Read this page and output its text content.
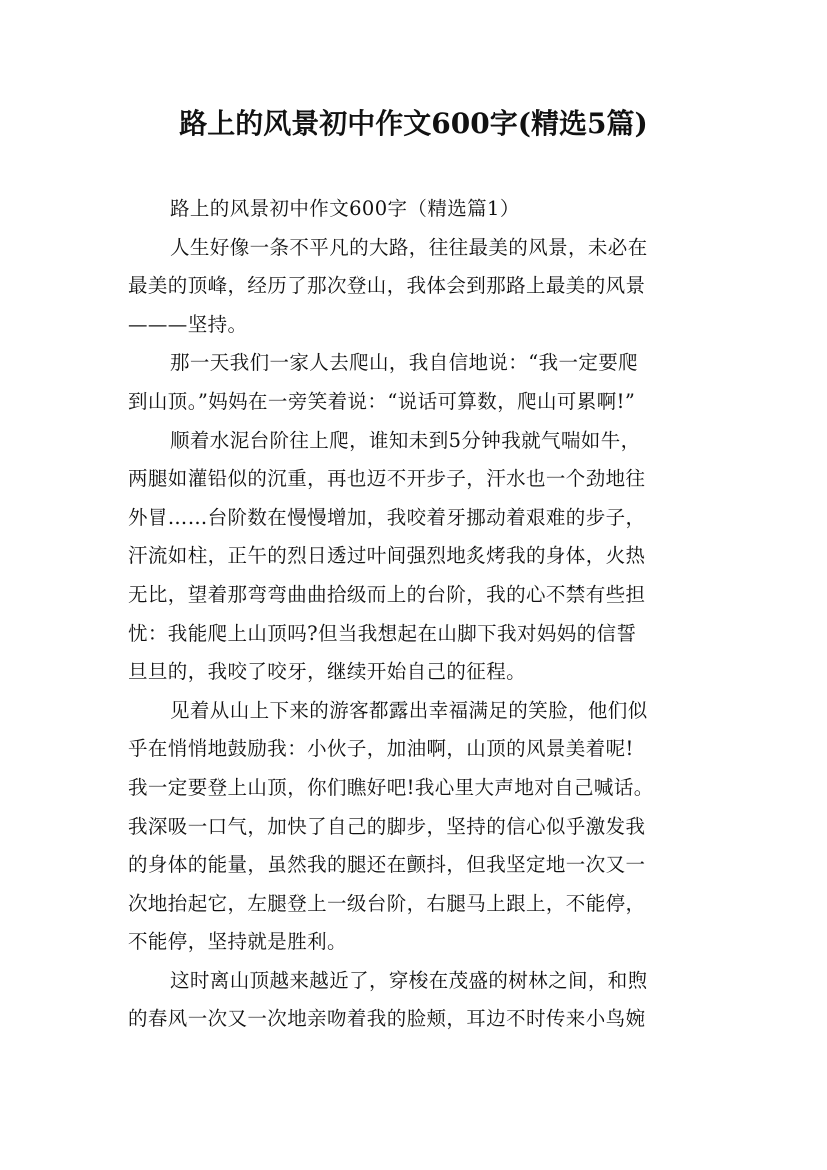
路上的风景初中作文600字(精选5篇)
路上的风景初中作文600字（精选篇1）
人生好像一条不平凡的大路，往往最美的风景，未必在
最美的顶峰，经历了那次登山，我体会到那路上最美的风景
———坚持。
那一天我们一家人去爬山，我自信地说：“我一定要爬
到山顶。”妈妈在一旁笑着说：“说话可算数，爬山可累啊!”
顺着水泥台阶往上爬，谁知未到5分钟我就气喘如牛，
两腿如灌铅似的沉重，再也迈不开步子，汗水也一个劲地往
外冒……台阶数在慢慢增加，我咬着牙挪动着艰难的步子，
汗流如柱，正午的烈日透过叶间强烈地炙烤我的身体，火热
无比，望着那弯弯曲曲拾级而上的台阶，我的心不禁有些担
忧：我能爬上山顶吗?但当我想起在山脚下我对妈妈的信誓
旦旦的，我咬了咬牙，继续开始自己的征程。
见着从山上下来的游客都露出幸福满足的笑脸，他们似
乎在悄悄地鼓励我：小伙子，加油啊，山顶的风景美着呢!
我一定要登上山顶，你们瞧好吧!我心里大声地对自己喊话。
我深吸一口气，加快了自己的脚步，坚持的信心似乎激发我
的身体的能量，虽然我的腿还在颤抖，但我坚定地一次又一
次地抬起它，左腿登上一级台阶，右腿马上跟上，不能停，
不能停，坚持就是胜利。
这时离山顶越来越近了，穿梭在茂盛的树林之间，和煦
的春风一次又一次地亲吻着我的脸颊，耳边不时传来小鸟婉
